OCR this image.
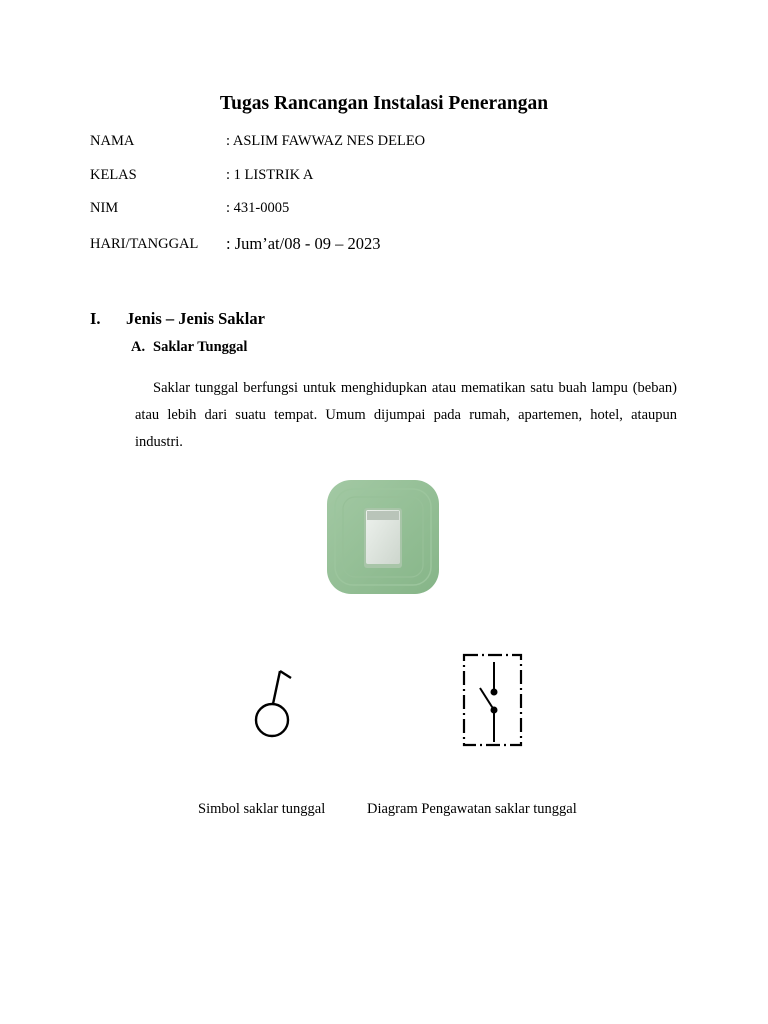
Tugas Rancangan Instalasi Penerangan
NAMA	: ASLIM FAWWAZ NES DELEO
KELAS	: 1 LISTRIK A
NIM	: 431-0005
HARI/TANGGAL : Jum’at/08 - 09 – 2023
I. Jenis – Jenis Saklar
A. Saklar Tunggal

Saklar tunggal berfungsi untuk menghidupkan atau mematikan satu buah lampu (beban) atau lebih dari suatu tempat. Umum dijumpai pada rumah, apartemen, hotel, ataupun industri.

Simbol saklar tunggal	Diagram Pengawatan saklar tunggal
